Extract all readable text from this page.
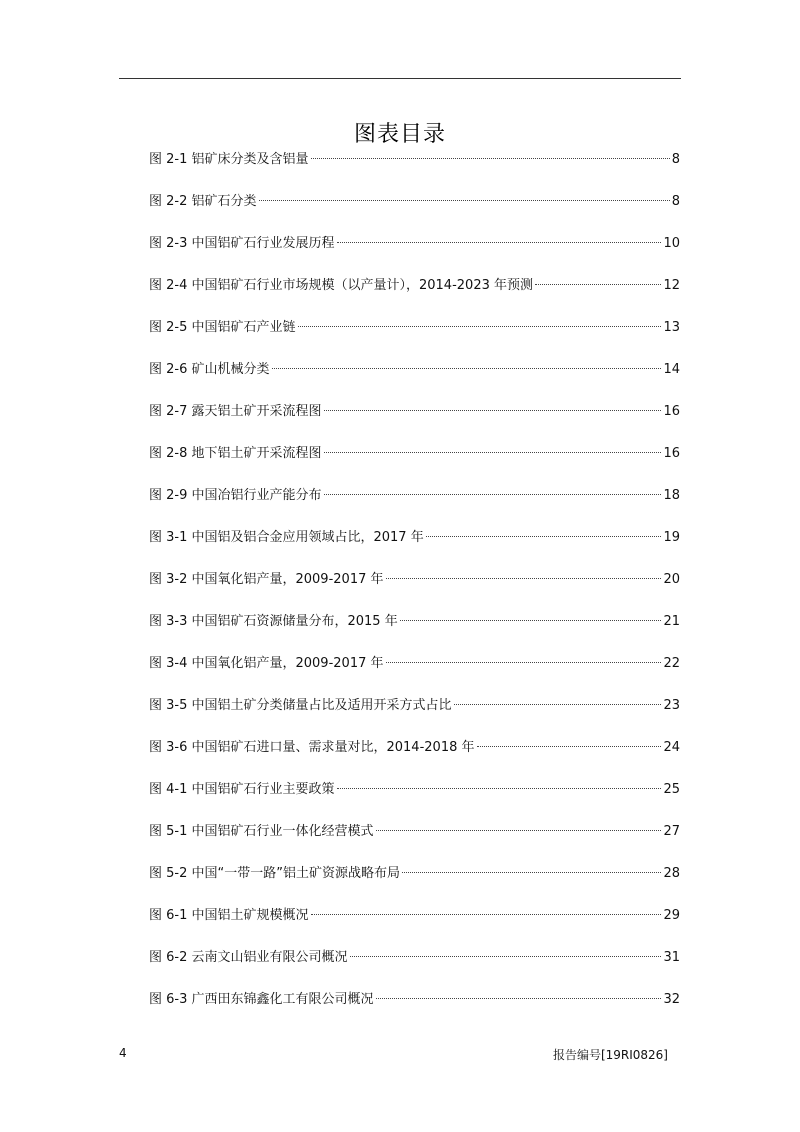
图表目录
图 2-1 铝矿床分类及含铝量	8
图 2-2 铝矿石分类	8
图 2-3 中国铝矿石行业发展历程	10
图 2-4 中国铝矿石行业市场规模（以产量计），2014-2023 年预测	12
图 2-5 中国铝矿石产业链	13
图 2-6 矿山机械分类	14
图 2-7 露天铝土矿开采流程图	16
图 2-8 地下铝土矿开采流程图	16
图 2-9 中国冶铝行业产能分布	18
图 3-1 中国铝及铝合金应用领域占比，2017 年	19
图 3-2 中国氧化铝产量，2009-2017 年	20
图 3-3 中国铝矿石资源储量分布，2015 年	21
图 3-4 中国氧化铝产量，2009-2017 年	22
图 3-5 中国铝土矿分类储量占比及适用开采方式占比	23
图 3-6 中国铝矿石进口量、需求量对比，2014-2018 年	24
图 4-1 中国铝矿石行业主要政策	25
图 5-1 中国铝矿石行业一体化经营模式	27
图 5-2 中国“一带一路”铝土矿资源战略布局	28
图 6-1 中国铝土矿规模概况	29
图 6-2 云南文山铝业有限公司概况	31
图 6-3 广西田东锦鑫化工有限公司概况	32
4	报告编号[19RI0826]
